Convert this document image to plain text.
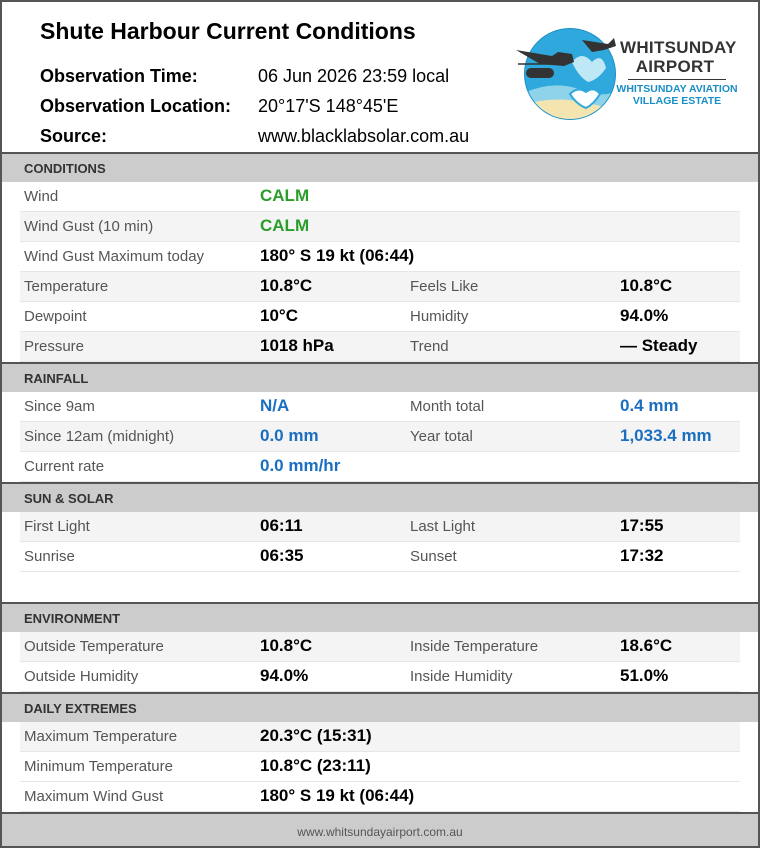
Shute Harbour Current Conditions
Observation Time:	06 Jun 2026 23:59 local
Observation Location: 20°17'S 148°45'E
Source:	www.blacklabsolar.com.au
WHITSUNDAY
AIRPORT
WHITSUNDAY AVIATION
VILLAGE ESTATE
CONDITIONS
Wind	CALM
Wind Gust (10 min)	CALM
Wind Gust Maximum today	180° S 19 kt (06:44)
Temperature	10.8°C	Feels Like	10.8°C
Dewpoint	10°C	Humidity	94.0%
Pressure	1018 hPa	Trend	— Steady
RAINFALL
Since 9am	N/A	Month total	0.4 mm
Since 12am (midnight)	0.0 mm	Year total	1,033.4 mm
Current rate	0.0 mm/hr
SUN & SOLAR
First Light	06:11	Last Light	17:55
Sunrise	06:35	Sunset	17:32
ENVIRONMENT
Outside Temperature	10.8°C	Inside Temperature	18.6°C
Outside Humidity	94.0%	Inside Humidity	51.0%
DAILY EXTREMES
Maximum Temperature	20.3°C (15:31)
Minimum Temperature	10.8°C (23:11)
Maximum Wind Gust	180° S 19 kt (06:44)
www.whitsundayairport.com.au
